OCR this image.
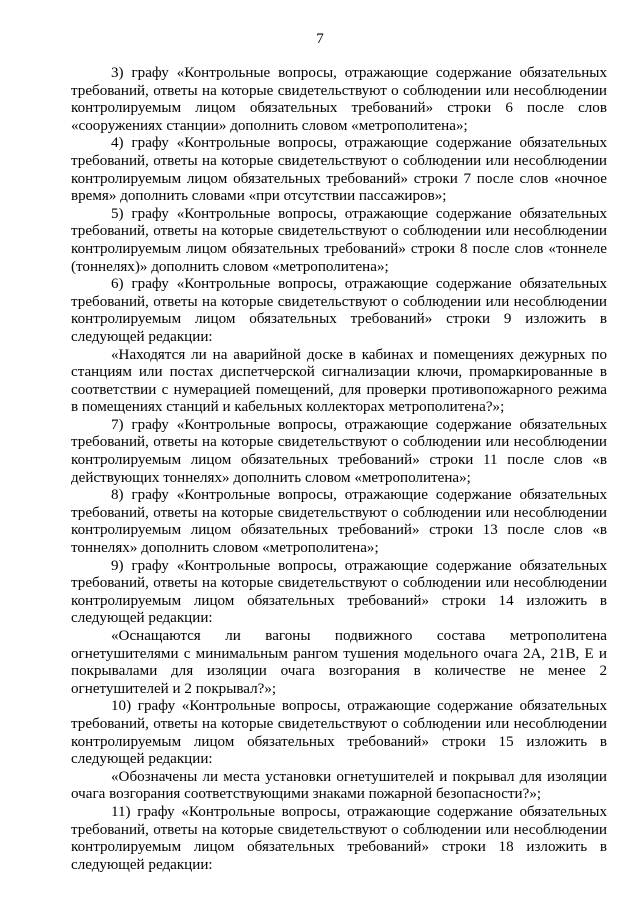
7

3) графу «Контрольные вопросы, отражающие содержание обязательных требований, ответы на которые свидетельствуют о соблюдении или несоблюдении контролируемым лицом обязательных требований» строки 6 после слов «сооружениях станции» дополнить словом «метрополитена»;

4) графу «Контрольные вопросы, отражающие содержание обязательных требований, ответы на которые свидетельствуют о соблюдении или несоблюдении контролируемым лицом обязательных требований» строки 7 после слов «ночное время» дополнить словами «при отсутствии пассажиров»;

5) графу «Контрольные вопросы, отражающие содержание обязательных требований, ответы на которые свидетельствуют о соблюдении или несоблюдении контролируемым лицом обязательных требований» строки 8 после слов «тоннеле (тоннелях)» дополнить словом «метрополитена»;

6) графу «Контрольные вопросы, отражающие содержание обязательных требований, ответы на которые свидетельствуют о соблюдении или несоблюдении контролируемым лицом обязательных требований» строки 9 изложить в следующей редакции:

«Находятся ли на аварийной доске в кабинах и помещениях дежурных по станциям или постах диспетчерской сигнализации ключи, промаркированные в соответствии с нумерацией помещений, для проверки противопожарного режима в помещениях станций и кабельных коллекторах метрополитена?»;

7) графу «Контрольные вопросы, отражающие содержание обязательных требований, ответы на которые свидетельствуют о соблюдении или несоблюдении контролируемым лицом обязательных требований» строки 11 после слов «в действующих тоннелях» дополнить словом «метрополитена»;

8) графу «Контрольные вопросы, отражающие содержание обязательных требований, ответы на которые свидетельствуют о соблюдении или несоблюдении контролируемым лицом обязательных требований» строки 13 после слов «в тоннелях» дополнить словом «метрополитена»;

9) графу «Контрольные вопросы, отражающие содержание обязательных требований, ответы на которые свидетельствуют о соблюдении или несоблюдении контролируемым лицом обязательных требований» строки 14 изложить в следующей редакции:

«Оснащаются ли вагоны подвижного состава метрополитена огнетушителями с минимальным рангом тушения модельного очага 2А, 21В, Е и покрывалами для изоляции очага возгорания в количестве не менее 2 огнетушителей и 2 покрывал?»;

10) графу «Контрольные вопросы, отражающие содержание обязательных требований, ответы на которые свидетельствуют о соблюдении или несоблюдении контролируемым лицом обязательных требований» строки 15 изложить в следующей редакции:

«Обозначены ли места установки огнетушителей и покрывал для изоляции очага возгорания соответствующими знаками пожарной безопасности?»;

11) графу «Контрольные вопросы, отражающие содержание обязательных требований, ответы на которые свидетельствуют о соблюдении или несоблюдении контролируемым лицом обязательных требований» строки 18 изложить в следующей редакции:
